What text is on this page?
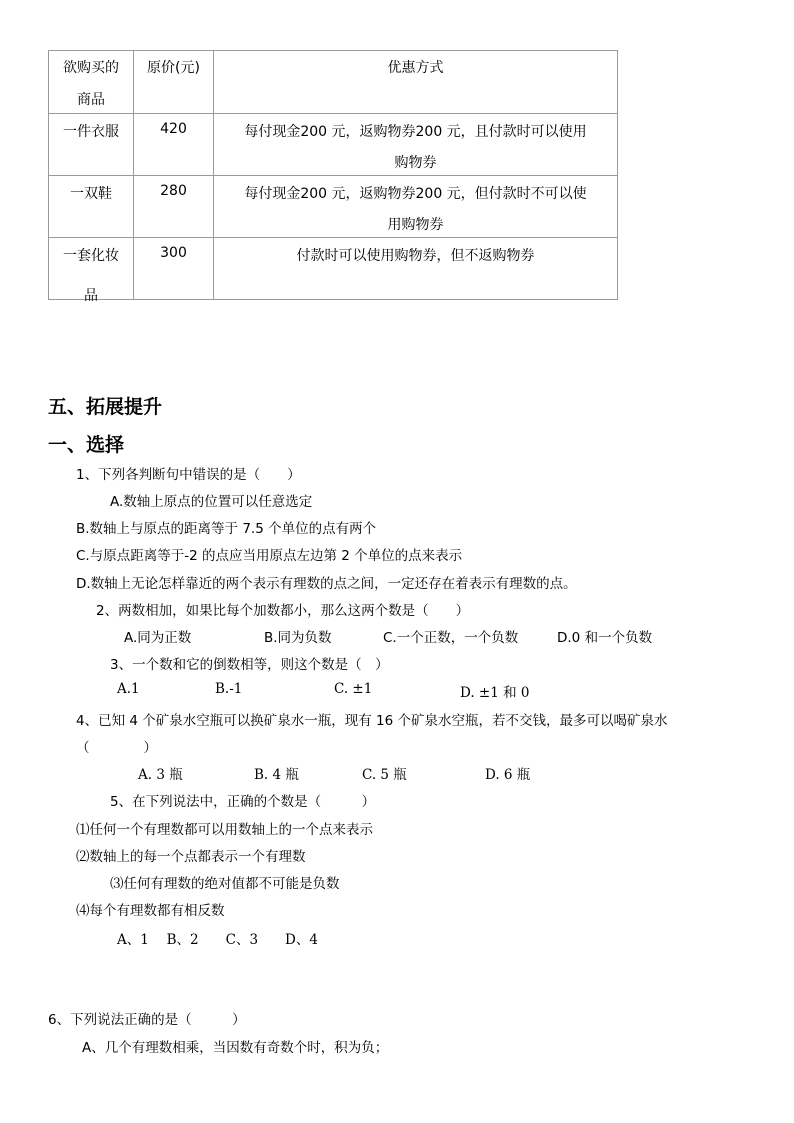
欲购买的
商品	原价(元)	优惠方式

一件衣服	420	每付现金200 元，返购物券200 元，且付款时可以使用
购物券

一双鞋	280	每付现金200 元，返购物券200 元，但付款时不可以使
用购物券

一套化妆
品	300	付款时可以使用购物券，但不返购物券
五、拓展提升
一、选择
1、下列各判断句中错误的是（　　）
A.数轴上原点的位置可以任意选定
B.数轴上与原点的距离等于 7.5 个单位的点有两个
C.与原点距离等于-2 的点应当用原点左边第 2 个单位的点来表示
D.数轴上无论怎样靠近的两个表示有理数的点之间，一定还存在着表示有理数的点。
2、两数相加，如果比每个加数都小，那么这两个数是（　　）
A.同为正数	B.同为负数	C.一个正数，一个负数	D.0 和一个负数
3、一个数和它的倒数相等，则这个数是（　）
A.1	B.-1	C. ±1	D. ±1 和 0
4、已知 4 个矿泉水空瓶可以换矿泉水一瓶，现有 16 个矿泉水空瓶，若不交钱，最多可以喝矿泉水
（　　　　）
A. 3 瓶	B. 4 瓶	C. 5 瓶	D. 6 瓶
5、在下列说法中，正确的个数是（　　　）
⑴任何一个有理数都可以用数轴上的一个点来表示
⑵数轴上的每一个点都表示一个有理数
⑶任何有理数的绝对值都不可能是负数
⑷每个有理数都有相反数
A、1　 B、2　　C、3　　D、4
6、下列说法正确的是（　　　）
A、几个有理数相乘，当因数有奇数个时，积为负；
